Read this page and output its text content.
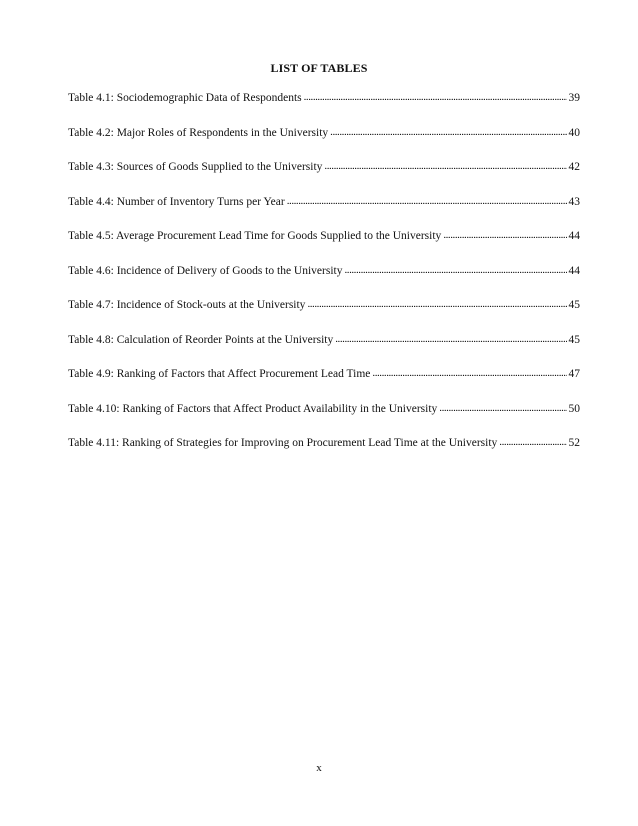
LIST OF TABLES
Table 4.1: Sociodemographic Data of Respondents . . .	39
Table 4.2: Major Roles of Respondents in the University . . .	40
Table 4.3: Sources of Goods Supplied to the University . . .	42
Table 4.4: Number of Inventory Turns per Year . . .	43
Table 4.5: Average Procurement Lead Time for Goods Supplied to the University . . .	44
Table 4.6: Incidence of Delivery of Goods to the University . . .	44
Table 4.7: Incidence of Stock-outs at the University . . .	45
Table 4.8: Calculation of Reorder Points at the University . . .	45
Table 4.9: Ranking of Factors that Affect Procurement Lead Time . . .	47
Table 4.10: Ranking of Factors that Affect Product Availability in the University . . .	50
Table 4.11: Ranking of Strategies for Improving on Procurement Lead Time at the University . . .	52
x
